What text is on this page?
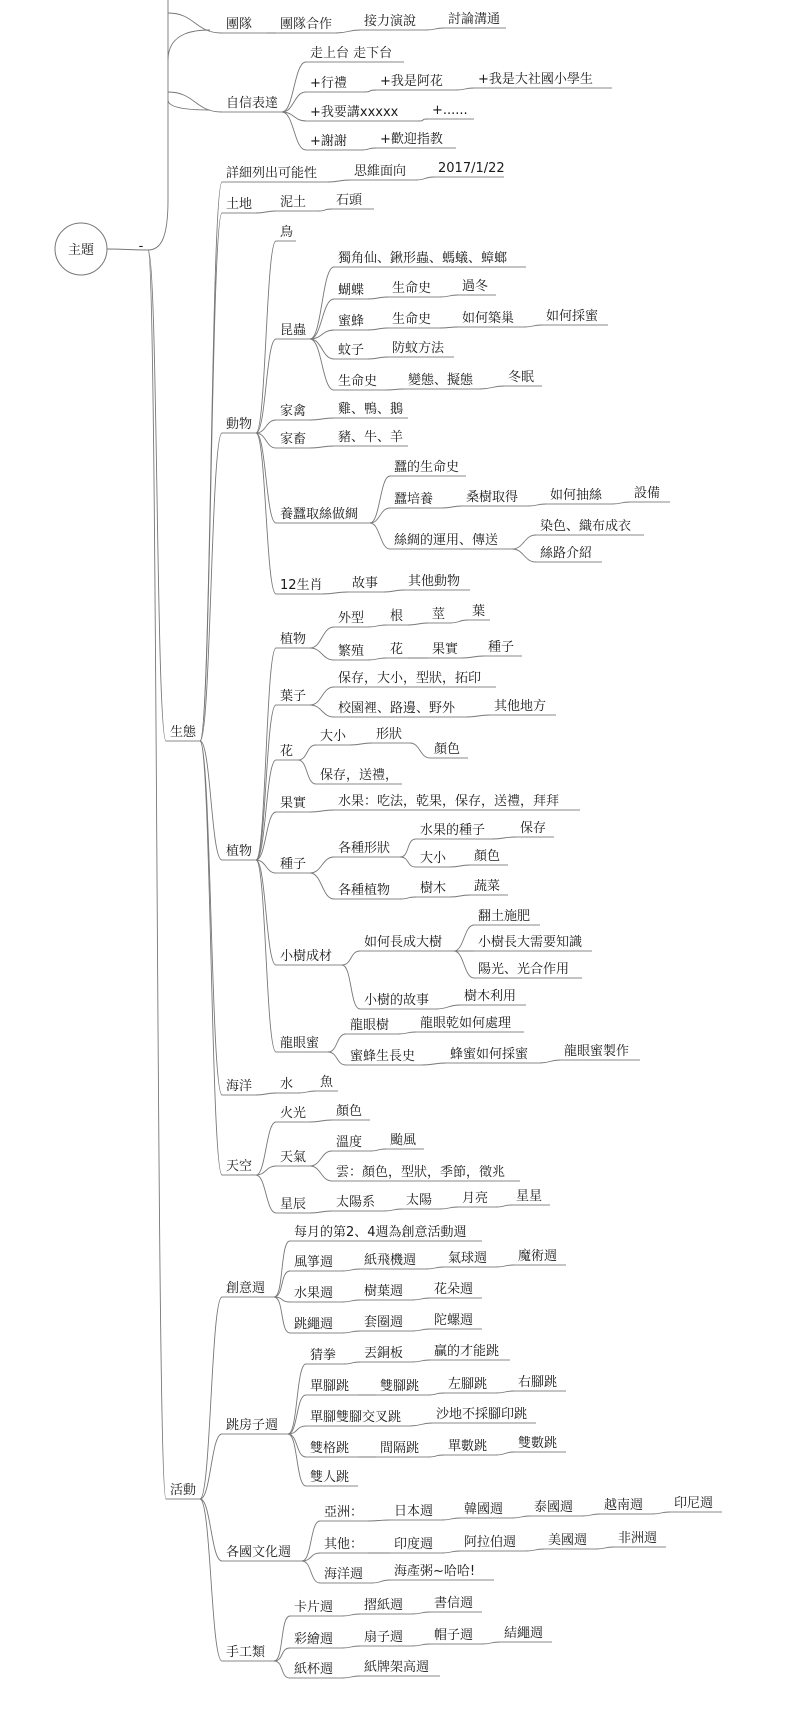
主題	-
團隊 團隊合作 接力演說 討論溝通
自信表達
走上台 走下台
+行禮	+我是阿花	+我是大社國小學生
+我要講xxxxx	+......
+謝謝	+歡迎指教
生態
詳細列出可能性	思維面向 2017/1/22
土地 泥土 石頭
動物
鳥
昆蟲
獨角仙、鍬形蟲、螞蟻、蟑螂
蝴蝶 生命史 過冬
蜜蜂 生命史 如何築巢 如何採蜜
蚊子 防蚊方法
生命史 變態、擬態	冬眠
家禽 雞、鴨、鵝
家畜 豬、牛、羊
養蠶取絲做綢
蠶的生命史
蠶培養	桑樹取得 如何抽絲 設備
絲綢的運用、傳送
染色、織布成衣
絲路介紹
12生肖 故事 其他動物
植物
植物
外型 根 莖 葉
繁殖 花 果實 種子
葉子
保存，大小，型狀，拓印
校園裡、路邊、野外	其他地方
花
大小 形狀
顏色
保存，送禮，
果實 水果：吃法，乾果，保存，送禮，拜拜
種子
各種形狀
水果的種子	保存
大小 顏色
各種植物 樹木 蔬菜
小樹成材
如何長成大樹
翻土施肥
小樹長大需要知識
陽光、光合作用
小樹的故事	樹木利用
龍眼蜜
龍眼樹 龍眼乾如何處理
蜜蜂生長史	蜂蜜如何採蜜	龍眼蜜製作
海洋 水 魚
天空
火光 顏色
天氣
溫度 颱風
雲：顏色，型狀，季節，徵兆
星辰 太陽系 太陽 月亮 星星
活動
創意週
每月的第2、4週為創意活動週
風箏週 紙飛機週 氣球週 魔術週
水果週 樹葉週 花朵週
跳繩週 套圈週 陀螺週
跳房子週
猜拳 丟銅板 贏的才能跳
單腳跳 雙腳跳 左腳跳 右腳跳
單腳雙腳交叉跳	沙地不採腳印跳
雙格跳 間隔跳 單數跳 雙數跳
雙人跳
各國文化週
亞洲： 日本週 韓國週 泰國週 越南週 印尼週
其他： 印度週 阿拉伯週 美國週 非洲週
海洋週 海產粥~哈哈!
手工類
卡片週 摺紙週 書信週
彩繪週 扇子週 帽子週 結繩週
紙杯週 紙牌架高週
